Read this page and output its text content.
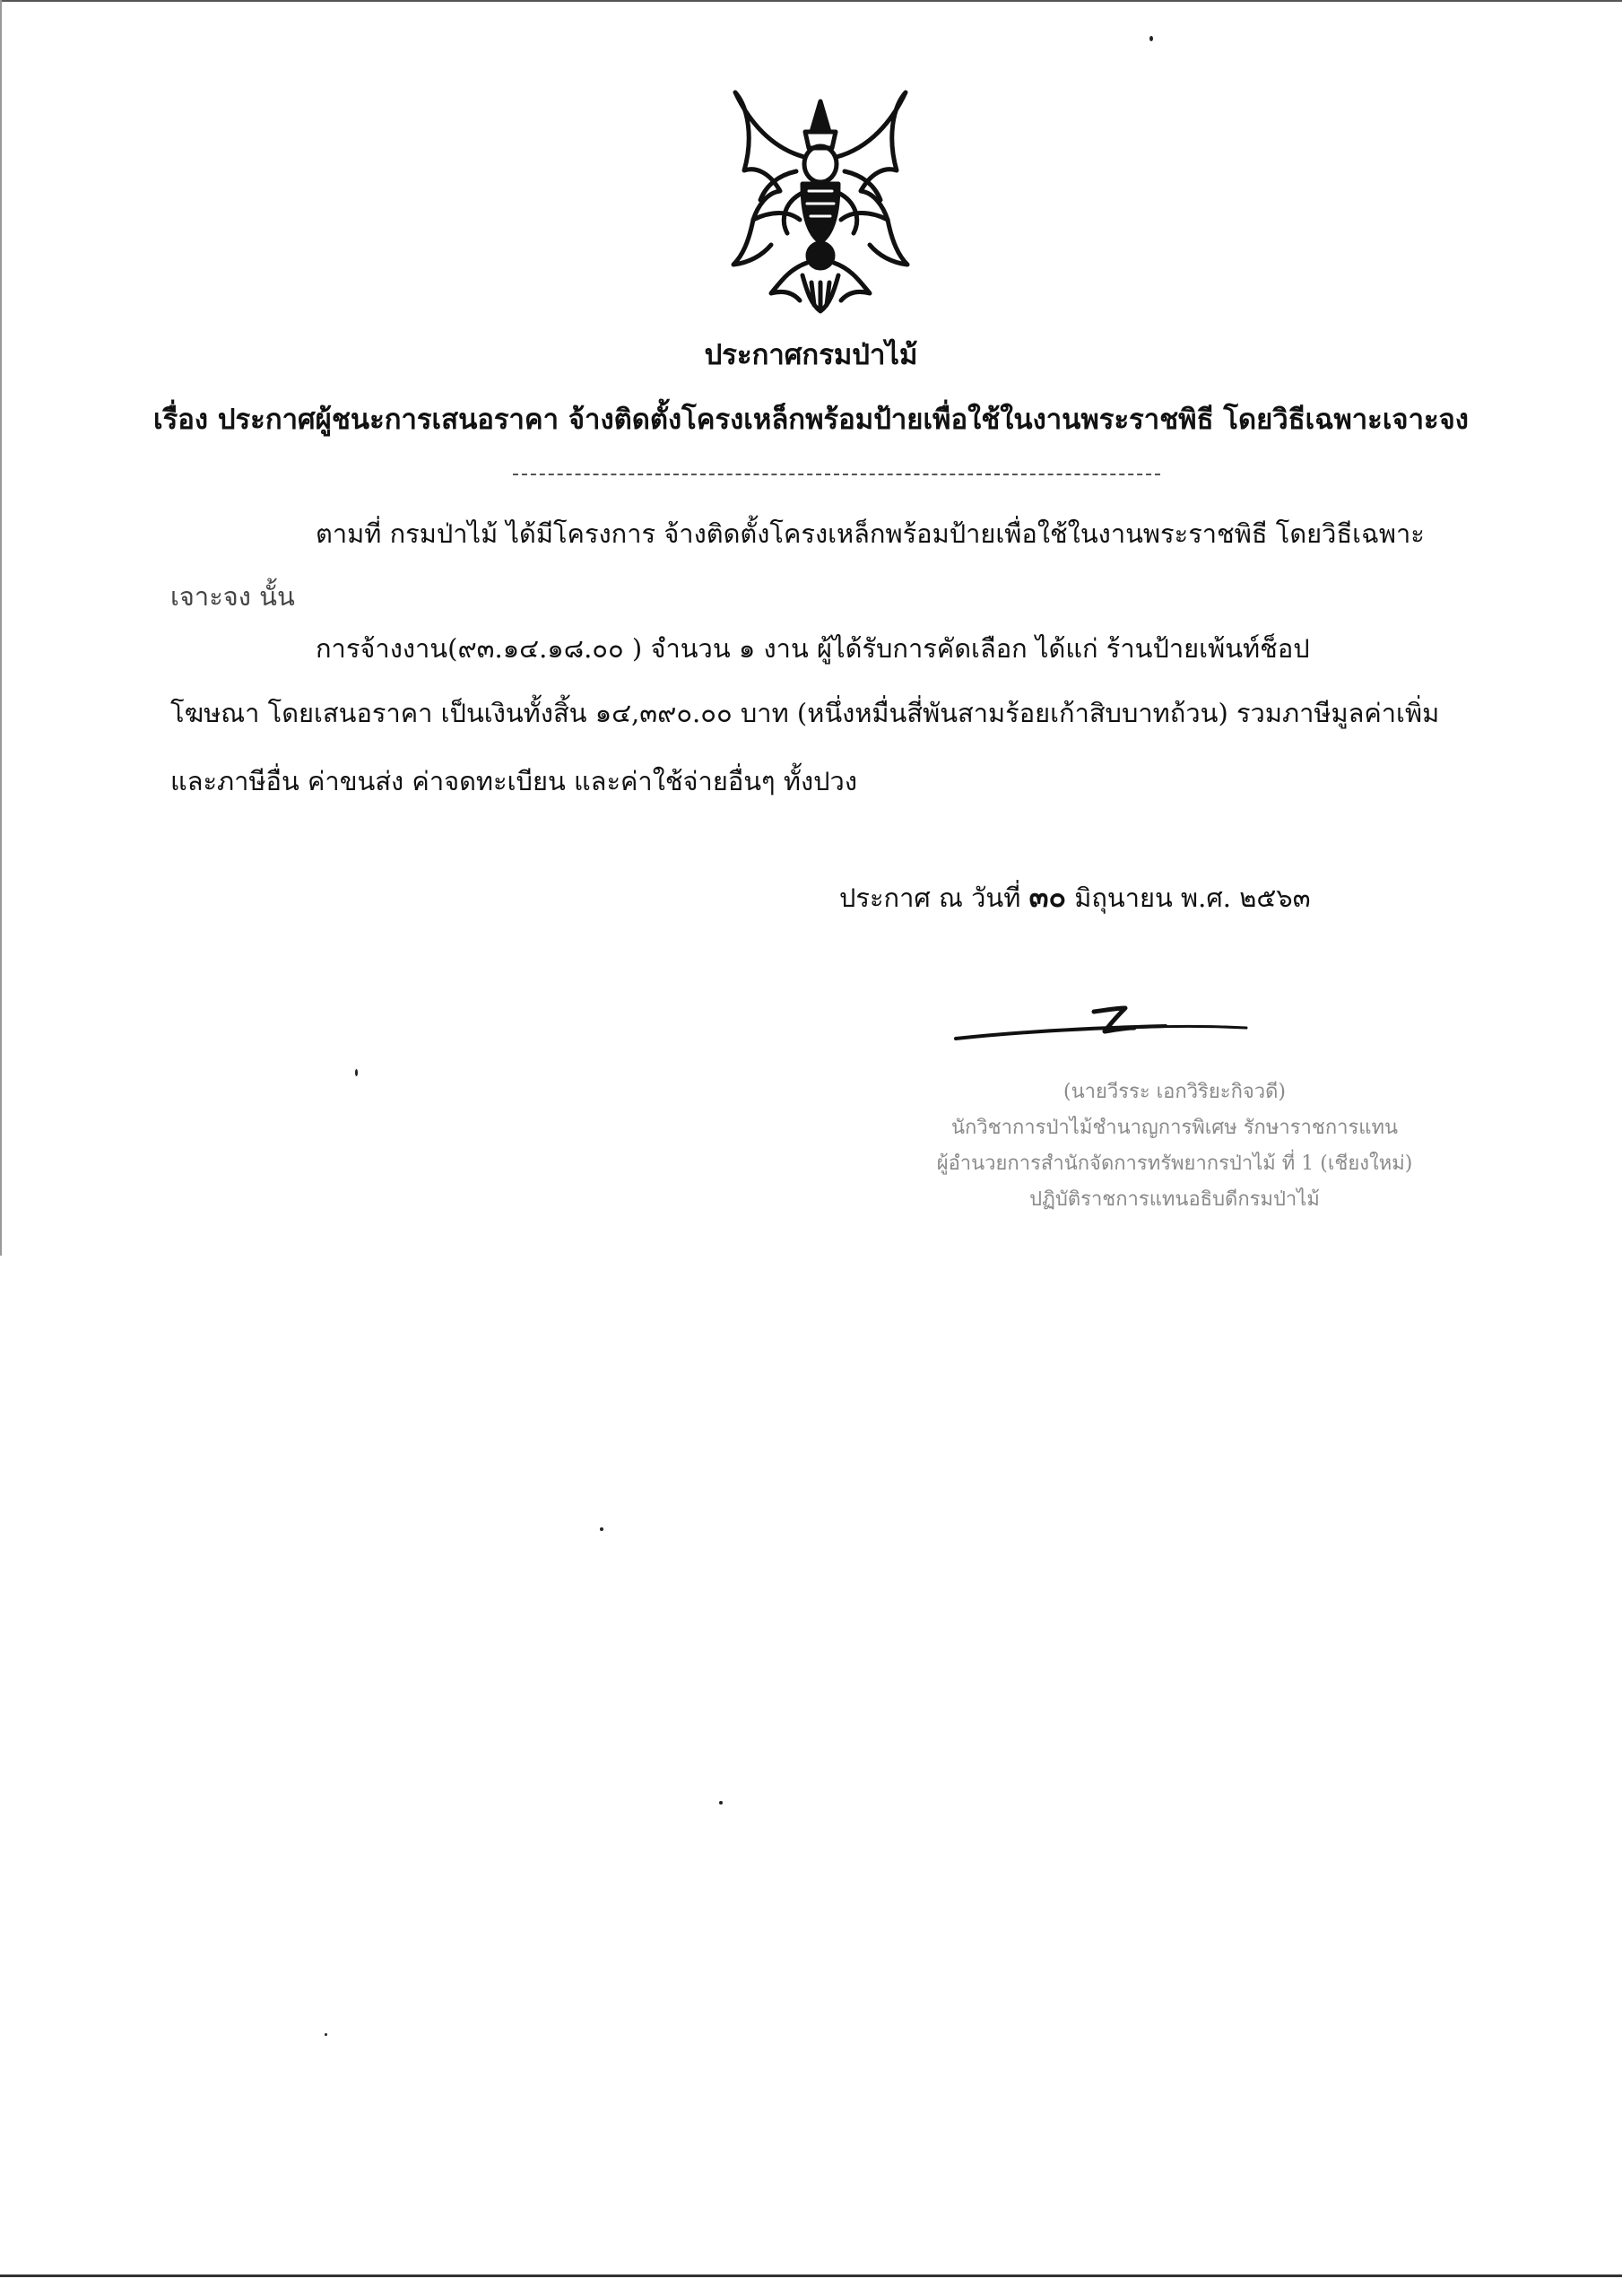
ประกาศกรมป่าไม้
เรื่อง ประกาศผู้ชนะการเสนอราคา จ้างติดตั้งโครงเหล็กพร้อมป้ายเพื่อใช้ในงานพระราชพิธี โดยวิธีเฉพาะเจาะจง
ตามที่ กรมป่าไม้ ได้มีโครงการ จ้างติดตั้งโครงเหล็กพร้อมป้ายเพื่อใช้ในงานพระราชพิธี โดยวิธีเฉพาะ
เจาะจง นั้น
การจ้างงาน(๙๓.๑๔.๑๘.๐๐ ) จำนวน ๑ งาน ผู้ได้รับการคัดเลือก ได้แก่ ร้านป้ายเพ้นท์ช็อป
โฆษณา โดยเสนอราคา เป็นเงินทั้งสิ้น ๑๔,๓๙๐.๐๐ บาท (หนึ่งหมื่นสี่พันสามร้อยเก้าสิบบาทถ้วน) รวมภาษีมูลค่าเพิ่ม
และภาษีอื่น ค่าขนส่ง ค่าจดทะเบียน และค่าใช้จ่ายอื่นๆ ทั้งปวง
ประกาศ ณ วันที่ ๓๐ มิถุนายน พ.ศ. ๒๕๖๓
(นายวีรระ เอกวิริยะกิจวดี)
นักวิชาการป่าไม้ชำนาญการพิเศษ รักษาราชการแทน
ผู้อำนวยการสำนักจัดการทรัพยากรป่าไม้ ที่ 1 (เชียงใหม่)
ปฏิบัติราชการแทนอธิบดีกรมป่าไม้
